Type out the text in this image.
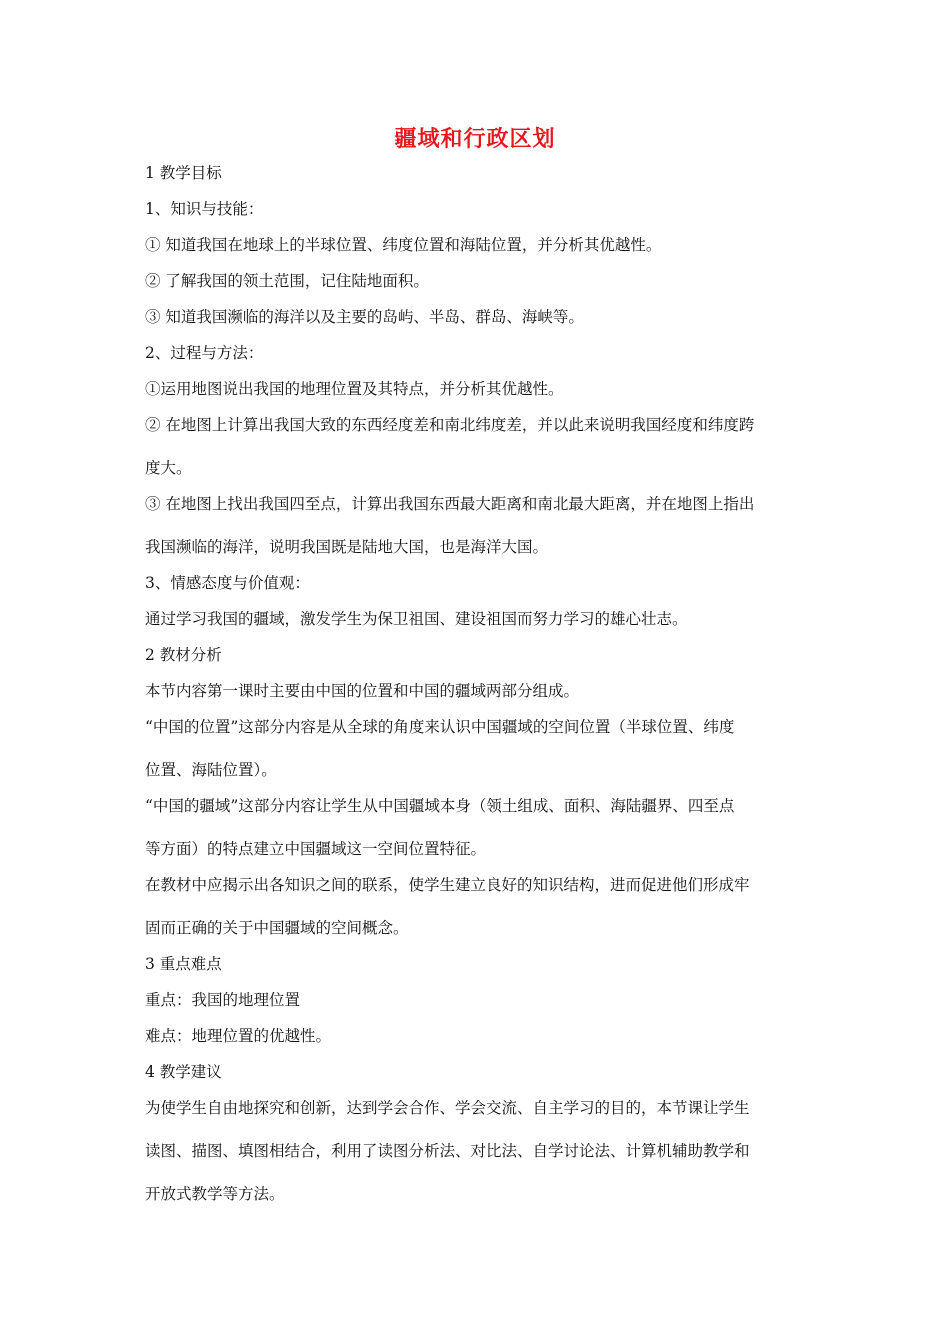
疆域和行政区划
1 教学目标
1、知识与技能：
① 知道我国在地球上的半球位置、纬度位置和海陆位置，并分析其优越性。
② 了解我国的领土范围，记住陆地面积。
③ 知道我国濒临的海洋以及主要的岛屿、半岛、群岛、海峡等。
2、过程与方法：
①运用地图说出我国的地理位置及其特点，并分析其优越性。
② 在地图上计算出我国大致的东西经度差和南北纬度差，并以此来说明我国经度和纬度跨
度大。
③ 在地图上找出我国四至点，计算出我国东西最大距离和南北最大距离，并在地图上指出
我国濒临的海洋，说明我国既是陆地大国，也是海洋大国。
3、情感态度与价值观：
通过学习我国的疆域，激发学生为保卫祖国、建设祖国而努力学习的雄心壮志。
2 教材分析
本节内容第一课时主要由中国的位置和中国的疆域两部分组成。
“中国的位置”这部分内容是从全球的角度来认识中国疆域的空间位置（半球位置、纬度
位置、海陆位置）。
“中国的疆域”这部分内容让学生从中国疆域本身（领土组成、面积、海陆疆界、四至点
等方面）的特点建立中国疆域这一空间位置特征。
在教材中应揭示出各知识之间的联系，使学生建立良好的知识结构，进而促进他们形成牢
固而正确的关于中国疆域的空间概念。
3 重点难点
重点：我国的地理位置
难点：地理位置的优越性。
4 教学建议
为使学生自由地探究和创新，达到学会合作、学会交流、自主学习的目的，本节课让学生
读图、描图、填图相结合，利用了读图分析法、对比法、自学讨论法、计算机辅助教学和
开放式教学等方法。
